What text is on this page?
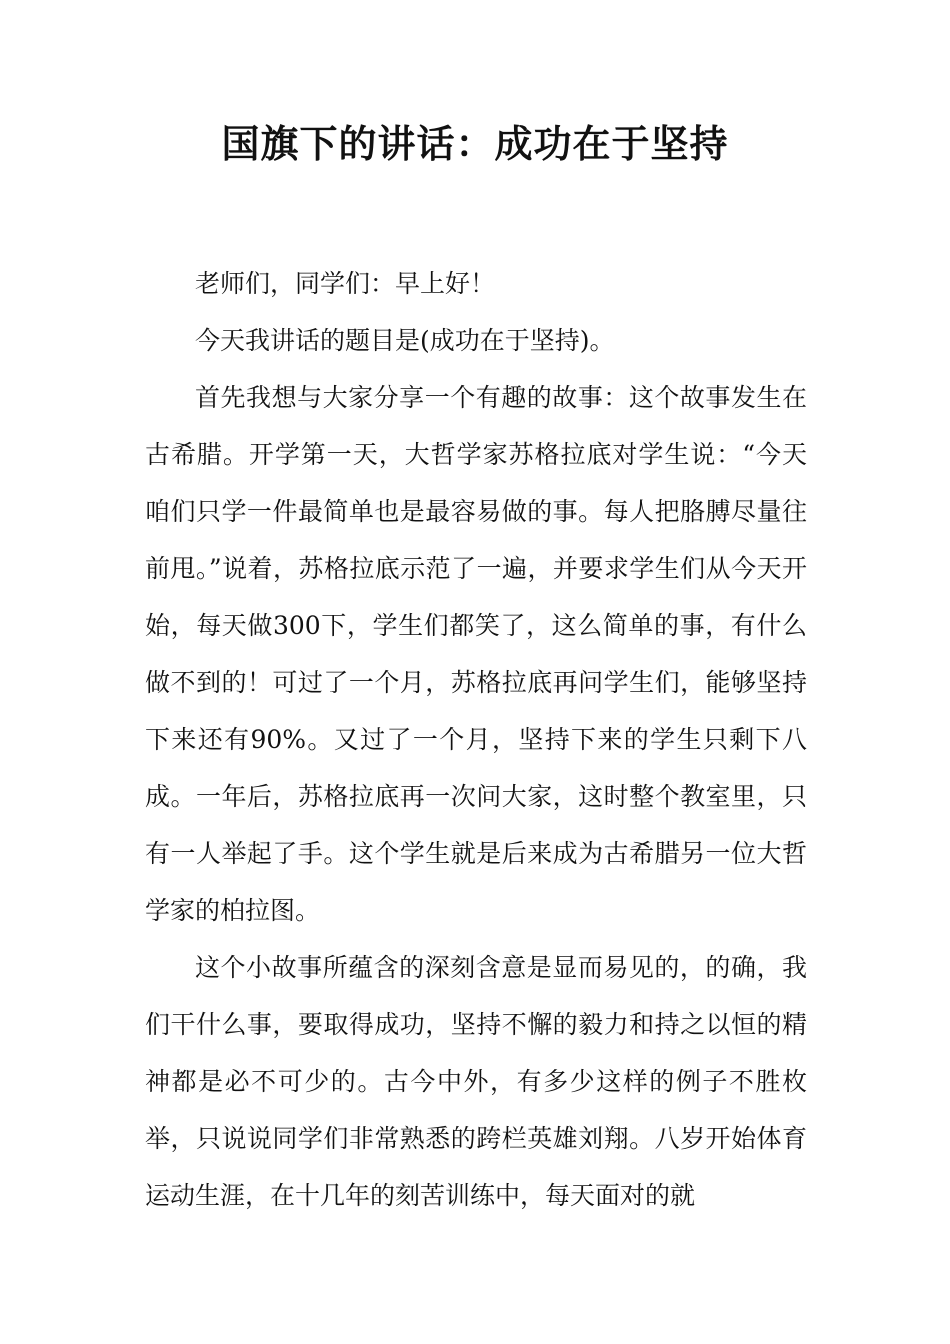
国旗下的讲话：成功在于坚持

老师们，同学们：早上好！

今天我讲话的题目是(成功在于坚持)。

首先我想与大家分享一个有趣的故事：这个故事发生在古希腊。开学第一天，大哲学家苏格拉底对学生说：“今天咱们只学一件最简单也是最容易做的事。每人把胳膊尽量往前甩。”说着，苏格拉底示范了一遍，并要求学生们从今天开始，每天做300下，学生们都笑了，这么简单的事，有什么做不到的！可过了一个月，苏格拉底再问学生们，能够坚持下来还有90%。又过了一个月，坚持下来的学生只剩下八成。一年后，苏格拉底再一次问大家，这时整个教室里，只有一人举起了手。这个学生就是后来成为古希腊另一位大哲学家的柏拉图。

这个小故事所蕴含的深刻含意是显而易见的，的确，我们干什么事，要取得成功，坚持不懈的毅力和持之以恒的精神都是必不可少的。古今中外，有多少这样的例子不胜枚举，只说说同学们非常熟悉的跨栏英雄刘翔。八岁开始体育运动生涯，在十几年的刻苦训练中，每天面对的就
